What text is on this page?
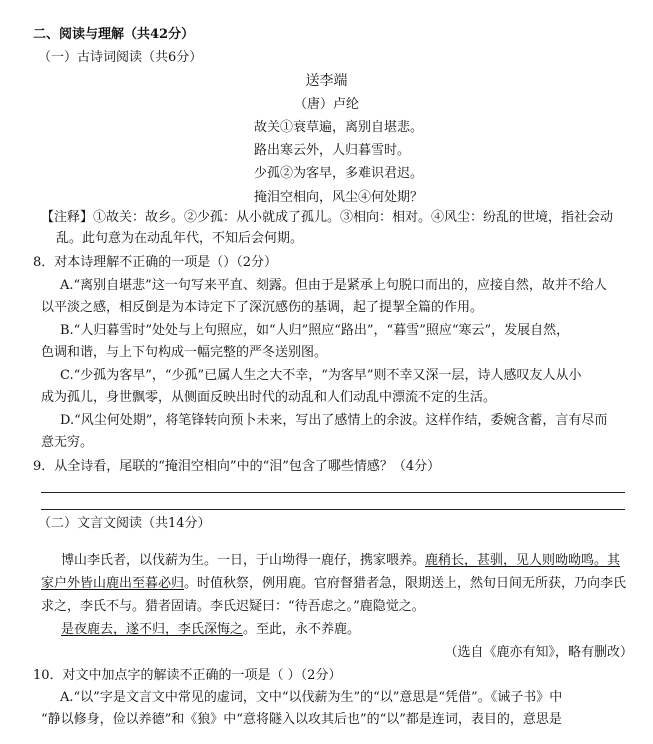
二、阅读与理解（共42分）
（一）古诗词阅读（共6分）
送李端
（唐）卢纶
故关①衰草遍，离别自堪悲。
路出寒云外，人归暮雪时。
少孤②为客早，多难识君迟。
掩泪空相向，风尘④何处期？
【注释】①故关：故乡。②少孤：从小就成了孤儿。③相向：相对。④风尘：纷乱的世境，指社会动
乱。此句意为在动乱年代，不知后会何期。
8．对本诗理解不正确的一项是（）（2分）
A.“离别自堪悲”这一句写来平直、刻露。但由于是紧承上句脱口而出的，应接自然，故并不给人
以平淡之感，相反倒是为本诗定下了深沉感伤的基调，起了提挈全篇的作用。
B.“人归暮雪时”处处与上句照应，如“人归”照应“路出”，“暮雪”照应“寒云”，发展自然，
色调和谐，与上下句构成一幅完整的严冬送别图。
C.“少孤为客早”，“少孤”已属人生之大不幸，“为客早”则不幸又深一层，诗人感叹友人从小
成为孤儿，身世飘零，从侧面反映出时代的动乱和人们动乱中漂流不定的生活。
D.“风尘何处期”，将笔锋转向预卜未来，写出了感情上的余波。这样作结，委婉含蓄，言有尽而
意无穷。
9．从全诗看，尾联的“掩泪空相向”中的“泪”包含了哪些情感？（4分）
（二）文言文阅读（共14分）
博山李氏者，以伐薪为生。一日，于山坳得一鹿仔，携家喂养。鹿稍长，甚驯，见人则呦呦鸣。其
家户外皆山鹿出至暮必归。时值秋祭，例用鹿。官府督猎者急，限期送上，然旬日间无所获，乃向李氏
求之，李氏不与。猎者固请。李氏迟疑曰：“待吾虑之。”鹿隐觉之。
是夜鹿去，遂不归，李氏深悔之。至此，永不养鹿。
（选自《鹿亦有知》，略有删改）
10．对文中加点字的解读不正确的一项是（ ）（2分）
A.“以”字是文言文中常见的虚词，文中“以伐薪为生”的“以”意思是“凭借”。《诫子书》中
“静以修身，俭以养德”和《狼》中“意将隧入以攻其后也”的“以”都是连词，表目的，意思是
